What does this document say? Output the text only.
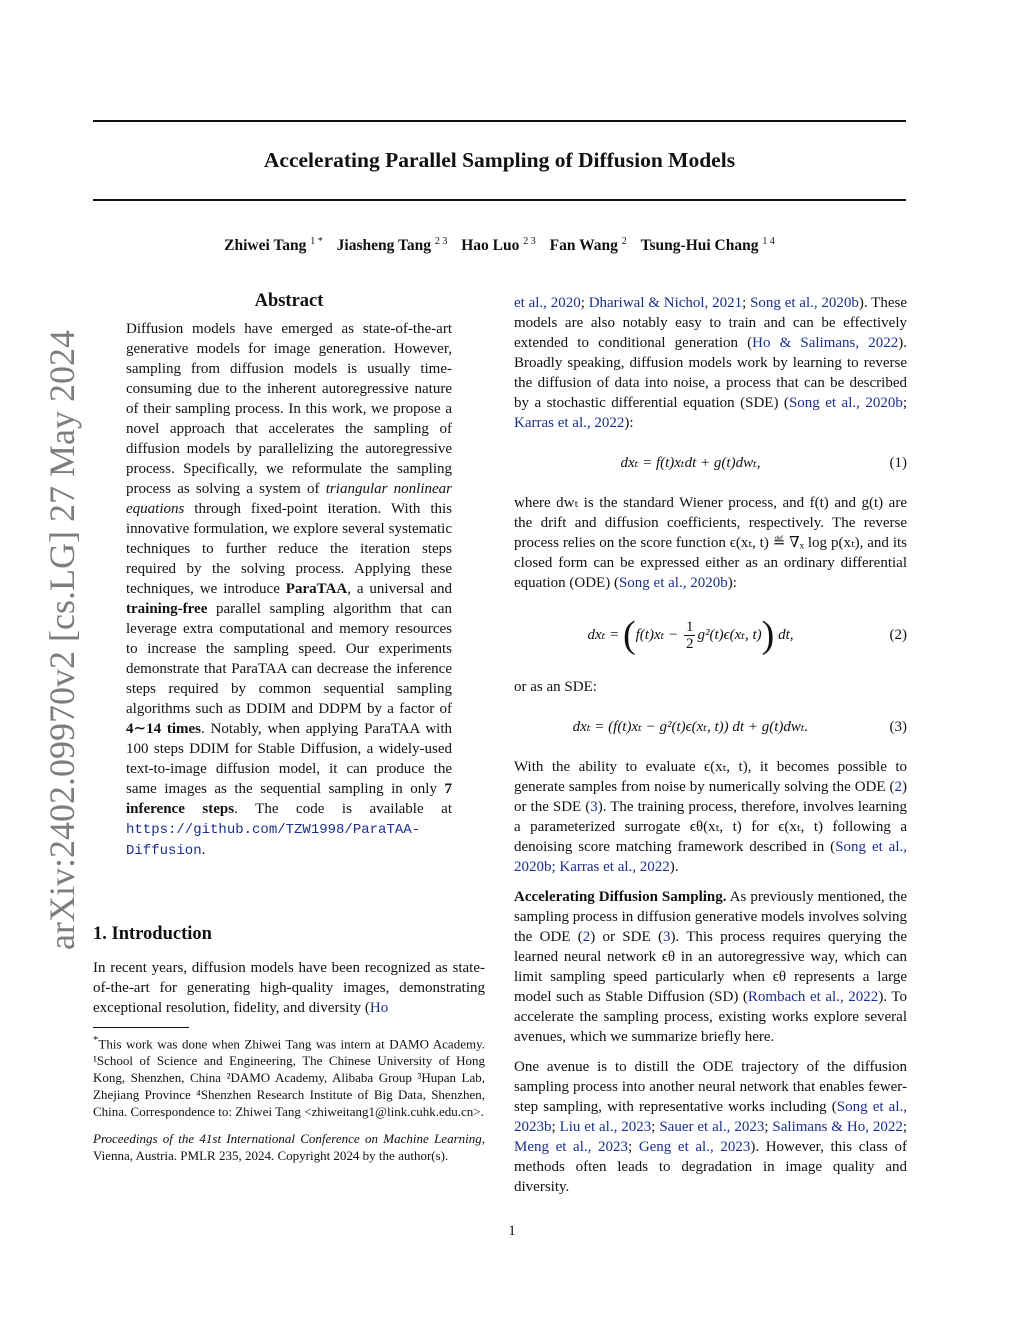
Accelerating Parallel Sampling of Diffusion Models
Zhiwei Tang $^{1 *}$ Jiasheng Tang $^{2 3}$ Hao Luo $^{2 3}$ Fan Wang $^2$ Tsung-Hui Chang $^{1 4}$
arXiv:2402.09970v2 [cs.LG] 27 May 2024
Abstract

Diffusion models have emerged as state-of-the-art generative models for image generation. However, sampling from diffusion models is usually time-consuming due to the inherent autoregressive nature of their sampling process. In this work, we propose a novel approach that accelerates the sampling of diffusion models by parallelizing the autoregressive process. Specifically, we reformulate the sampling process as solving a system of triangular nonlinear equations through fixed-point iteration. With this innovative formulation, we explore several systematic techniques to further reduce the iteration steps required by the solving process. Applying these techniques, we introduce ParaTAA, a universal and training-free parallel sampling algorithm that can leverage extra computational and memory resources to increase the sampling speed. Our experiments demonstrate that ParaTAA can decrease the inference steps required by common sequential sampling algorithms such as DDIM and DDPM by a factor of 4∼14 times. Notably, when applying ParaTAA with 100 steps DDIM for Stable Diffusion, a widely-used text-to-image diffusion model, it can produce the same images as the sequential sampling in only 7 inference steps. The code is available at https://github.com/TZW1998/ParaTAA-Diffusion.

1. Introduction

In recent years, diffusion models have been recognized as state-of-the-art for generating high-quality images, demonstrating exceptional resolution, fidelity, and diversity (Ho

*This work was done when Zhiwei Tang was intern at DAMO Academy. ¹School of Science and Engineering, The Chinese University of Hong Kong, Shenzhen, China ²DAMO Academy, Alibaba Group ³Hupan Lab, Zhejiang Province ⁴Shenzhen Research Institute of Big Data, Shenzhen, China. Correspondence to: Zhiwei Tang <zhiweitang1@link.cuhk.edu.cn>.

Proceedings of the 41st International Conference on Machine Learning, Vienna, Austria. PMLR 235, 2024. Copyright 2024 by the author(s).

et al., 2020; Dhariwal & Nichol, 2021; Song et al., 2020b). These models are also notably easy to train and can be effectively extended to conditional generation (Ho & Salimans, 2022). Broadly speaking, diffusion models work by learning to reverse the diffusion of data into noise, a process that can be described by a stochastic differential equation (SDE) (Song et al., 2020b; Karras et al., 2022):

dxₜ = f(t)xₜdt + g(t)dwₜ,	(1)

where dwₜ is the standard Wiener process, and f(t) and g(t) are the drift and diffusion coefficients, respectively. The reverse process relies on the score function ϵ(xₜ, t) ≝ ∇ₓ log p(xₜ), and its closed form can be expressed either as an ordinary differential equation (ODE) (Song et al., 2020b):

dxₜ =
( f(t)xₜ −
$\frac{1}{2} g^2(t)\epsilon(x_t$, t) )
dt,	(2)

or as an SDE:

dxₜ = (f(t)xₜ − g²(t)ϵ(xₜ, t)) dt + g(t)dwₜ.	(3)

With the ability to evaluate ϵ(xₜ, t), it becomes possible to generate samples from noise by numerically solving the ODE (2) or the SDE (3). The training process, therefore, involves learning a parameterized surrogate ϵθ(xₜ, t) for ϵ(xₜ, t) following a denoising score matching framework described in (Song et al., 2020b; Karras et al., 2022).

Accelerating Diffusion Sampling. As previously mentioned, the sampling process in diffusion generative models involves solving the ODE (2) or SDE (3). This process requires querying the learned neural network ϵθ in an autoregressive way, which can limit sampling speed particularly when ϵθ represents a large model such as Stable Diffusion (SD) (Rombach et al., 2022). To accelerate the sampling process, existing works explore several avenues, which we summarize briefly here.

One avenue is to distill the ODE trajectory of the diffusion sampling process into another neural network that enables fewer-step sampling, with representative works including (Song et al., 2023b; Liu et al., 2023; Sauer et al., 2023; Salimans & Ho, 2022; Meng et al., 2023; Geng et al., 2023). However, this class of methods often leads to degradation in image quality and diversity.

1
